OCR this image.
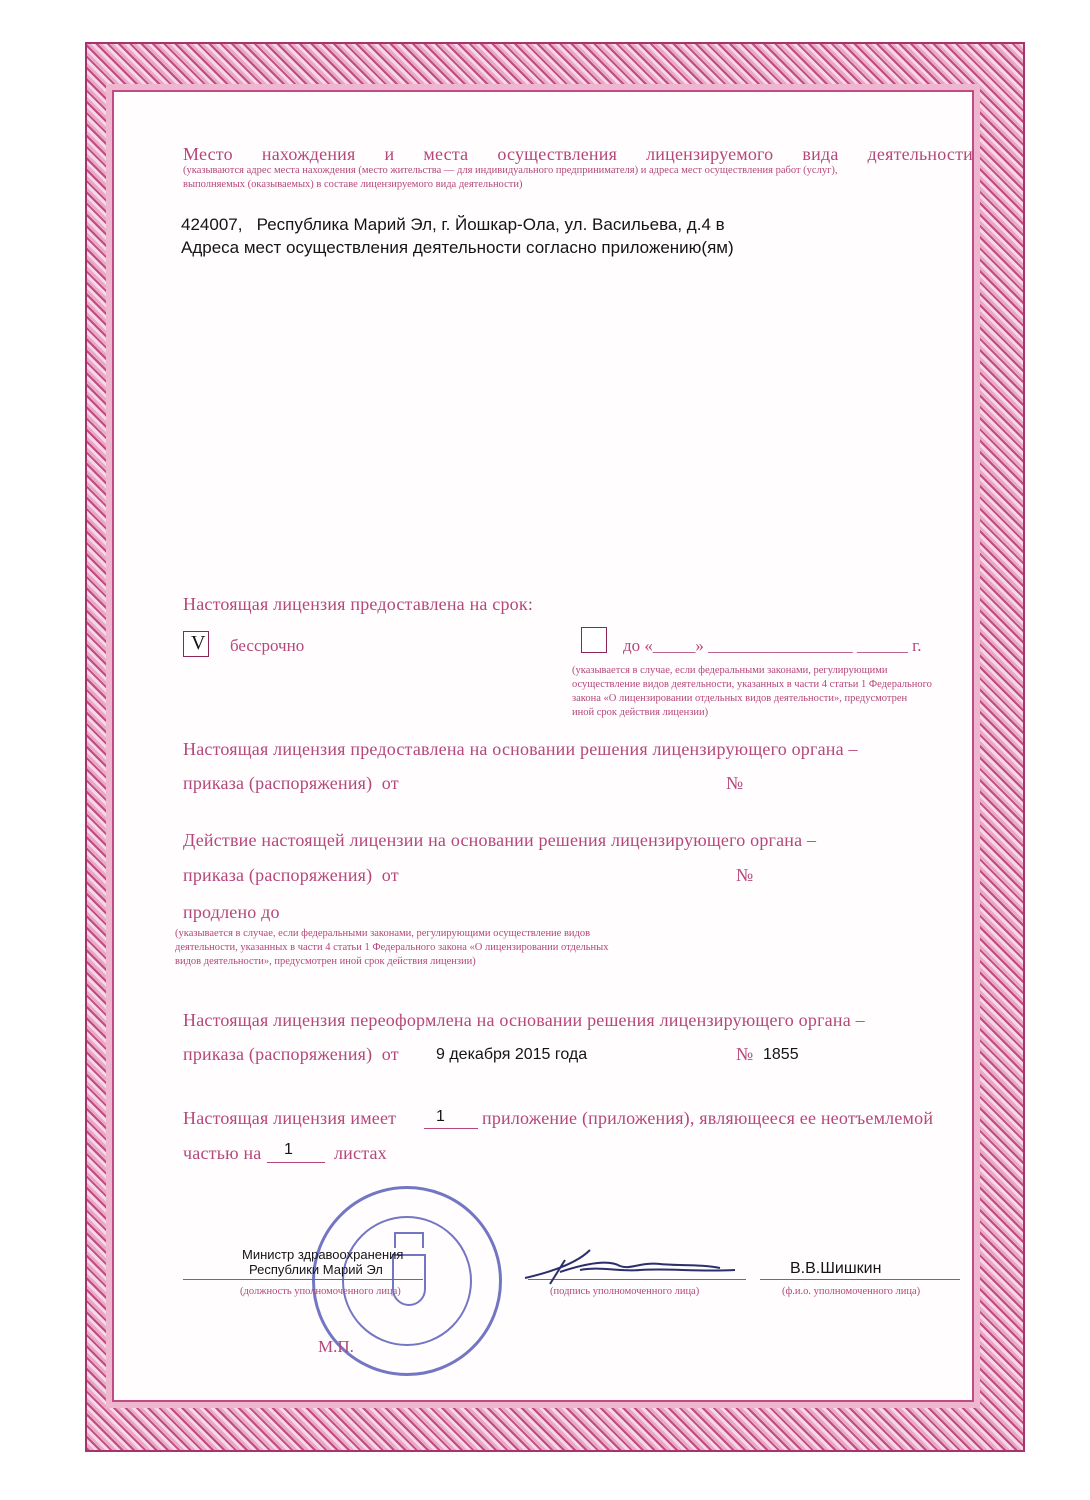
Место нахождения и места осуществления лицензируемого вида деятельности
(указываются адрес места нахождения (место жительства — для индивидуального предпринимателя) и адреса мест осуществления работ (услуг),
выполняемых (оказываемых) в составе лицензируемого вида деятельности)
424007,   Республика Марий Эл, г. Йошкар-Ола, ул. Васильева, д.4 в
Адреса мест осуществления деятельности согласно приложению(ям)
Настоящая лицензия предоставлена на срок:
V бессрочно	до «_____» _________________ ______ г.
(указывается в случае, если федеральными законами, регулирующими
осуществление видов деятельности, указанных в части 4 статьи 1 Федерального
закона «О лицензировании отдельных видов деятельности», предусмотрен
иной срок действия лицензии)
Настоящая лицензия предоставлена на основании решения лицензирующего органа –
приказа (распоряжения)  от	№
Действие настоящей лицензии на основании решения лицензирующего органа –
приказа (распоряжения)  от	№
продлено до
(указывается в случае, если федеральными законами, регулирующими осуществление видов
деятельности, указанных в части 4 статьи 1 Федерального закона «О лицензировании отдельных
видов деятельности», предусмотрен иной срок действия лицензии)
Настоящая лицензия переоформлена на основании решения лицензирующего органа –
приказа (распоряжения)  от 9 декабря 2015 года	№ 1855
Настоящая лицензия имеет 1 приложение (приложения), являющееся ее неотъемлемой
частью на 1 листах
Министр здравоохранения
Республики Марий Эл	В.В.Шишкин
(должность уполномоченного лица)	(подпись уполномоченного лица)	(ф.и.о. уполномоченного лица)
М.П.
